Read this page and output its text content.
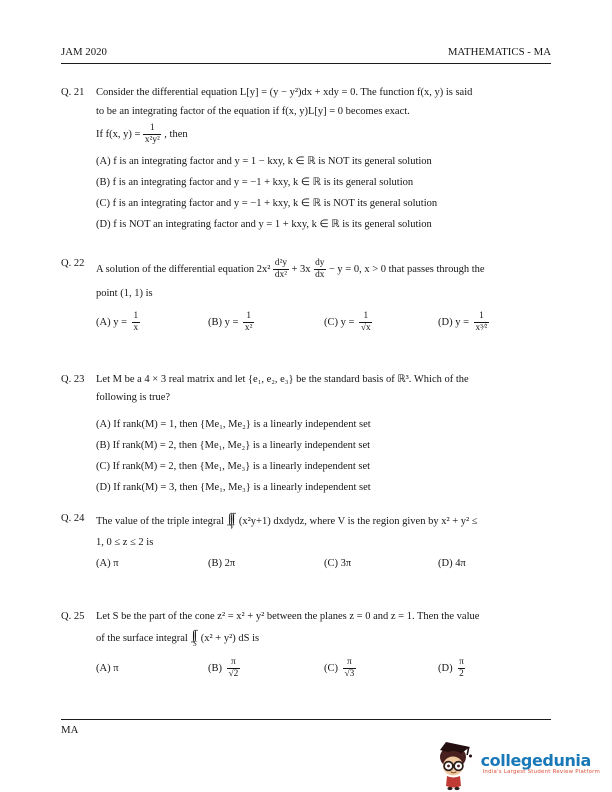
JAM 2020	MATHEMATICS - MA
Q. 21	Consider the differential equation L[y] = (y − y²)dx + xdy = 0. The function f(x, y) is said
to be an integrating factor of the equation if f(x, y)L[y] = 0 becomes exact.
If f(x, $y) = \frac{1}{\text{x²y²}}$ , then
(A) f is an integrating factor and y = 1 − kxy, k ∈ ℝ is NOT its general solution
(B) f is an integrating factor and y = −1 + kxy, k ∈ ℝ is its general solution
(C) f is an integrating factor and y = −1 + kxy, k ∈ ℝ is NOT its general solution
(D) f is NOT an integrating factor and y = 1 + kxy, k ∈ ℝ is its general solution
Q. 22	A solution of the differential equation $2x^2 \frac{\text{d²y}}{\text{dx²}} + 3x \frac{dy}{dx} - y = 0$, x > 0 that passes through the
point (1, 1) is
(A) $y = \frac{1}{x}$	(B) $y = \frac{1}{\text{x²}}$	(C) $y = \frac{1}{√x}$	(D) $y = \frac{1}{\text{x³⁄²}}$
Q. 23	Let M be a 4 × 3 real matrix and let {e₁, e₂, e₃} be the standard basis of ℝ³. Which of the
following is true?
(A) If rank(M) = 1, then {Me₁, Me₂} is a linearly independent set
(B) If rank(M) = 2, then {Me₁, Me₂} is a linearly independent set
(C) If rank(M) = 2, then {Me₁, Me₃} is a linearly independent set
(D) If rank(M) = 3, then {Me₁, Me₃} is a linearly independent set
Q. 24	The value of the triple integral ∫∫∫
V (x²y+1) dxdydz, where V is the region given by x² + y² ≤
1, 0 ≤ z ≤ 2 is
(A) π	(B) 2π	(C) 3π	(D) 4π
Q. 25	Let S be the part of the cone z² = x² + y² between the planes z = 0 and z = 1. Then the value
of the surface integral ∫∫
S (x² + y²) dS is
(A) π	$(B) \frac{\pi}{√2}$	$(C) \frac{\pi}{√3}$	$(D) \frac{\pi}{2}$
MA
collegedunia
India's Largest Student Review Platform
